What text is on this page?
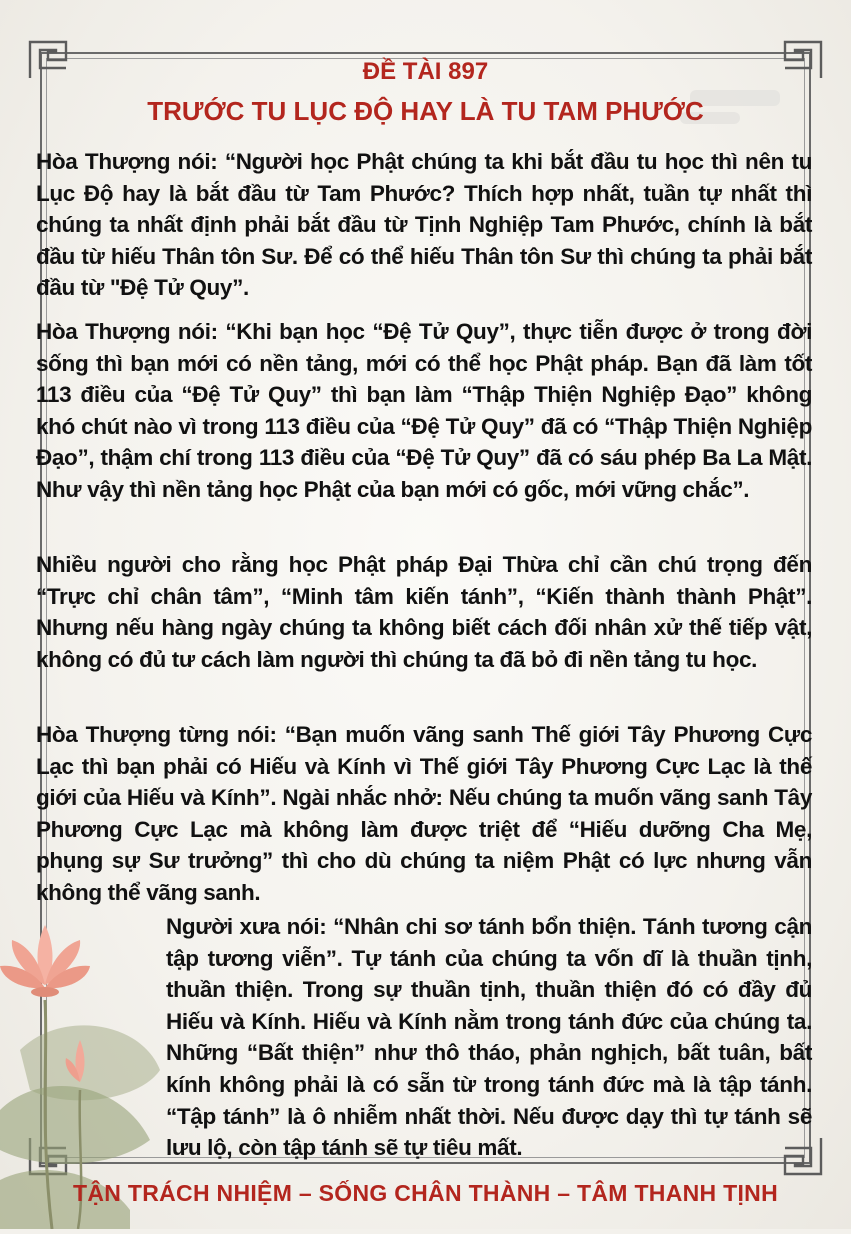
ĐỀ TÀI 897
TRƯỚC TU LỤC ĐỘ HAY LÀ TU TAM PHƯỚC

Hòa Thượng nói: “Người học Phật chúng ta khi bắt đầu tu học thì nên tu Lục Độ hay là bắt đầu từ Tam Phước? Thích hợp nhất, tuần tự nhất thì chúng ta nhất định phải bắt đầu từ Tịnh Nghiệp Tam Phước, chính là bắt đầu từ hiếu Thân tôn Sư. Để có thể hiếu Thân tôn Sư thì chúng ta phải bắt đầu từ "Đệ Tử Quy”.

Hòa Thượng nói: “Khi bạn học “Đệ Tử Quy”, thực tiễn được ở trong đời sống thì bạn mới có nền tảng, mới có thể học Phật pháp. Bạn đã làm tốt 113 điều của “Đệ Tử Quy” thì bạn làm “Thập Thiện Nghiệp Đạo” không khó chút nào vì trong 113 điều của “Đệ Tử Quy” đã có “Thập Thiện Nghiệp Đạo”, thậm chí trong 113 điều của “Đệ Tử Quy” đã có sáu phép Ba La Mật. Như vậy thì nền tảng học Phật của bạn mới có gốc, mới vững chắc”.

Nhiều người cho rằng học Phật pháp Đại Thừa chỉ cần chú trọng đến “Trực chỉ chân tâm”, “Minh tâm kiến tánh”, “Kiến thành thành Phật”. Nhưng nếu hàng ngày chúng ta không biết cách đối nhân xử thế tiếp vật, không có đủ tư cách làm người thì chúng ta đã bỏ đi nền tảng tu học.

Hòa Thượng từng nói: “Bạn muốn vãng sanh Thế giới Tây Phương Cực Lạc thì bạn phải có Hiếu và Kính vì Thế giới Tây Phương Cực Lạc là thế giới của Hiếu và Kính”. Ngài nhắc nhở: Nếu chúng ta muốn vãng sanh Tây Phương Cực Lạc mà không làm được triệt để “Hiếu dưỡng Cha Mẹ, phụng sự Sư trưởng” thì cho dù chúng ta niệm Phật có lực nhưng vẫn không thể vãng sanh.

Người xưa nói: “Nhân chi sơ tánh bổn thiện. Tánh tương cận tập tương viễn”. Tự tánh của chúng ta vốn dĩ là thuần tịnh, thuần thiện. Trong sự thuần tịnh, thuần thiện đó có đầy đủ Hiếu và Kính. Hiếu và Kính nằm trong tánh đức của chúng ta. Những “Bất thiện” như thô tháo, phản nghịch, bất tuân, bất kính không phải là có sẵn từ trong tánh đức mà là tập tánh. “Tập tánh” là ô nhiễm nhất thời. Nếu được dạy thì tự tánh sẽ lưu lộ, còn tập tánh sẽ tự tiêu mất.

TẬN TRÁCH NHIỆM – SỐNG CHÂN THÀNH – TÂM THANH TỊNH
